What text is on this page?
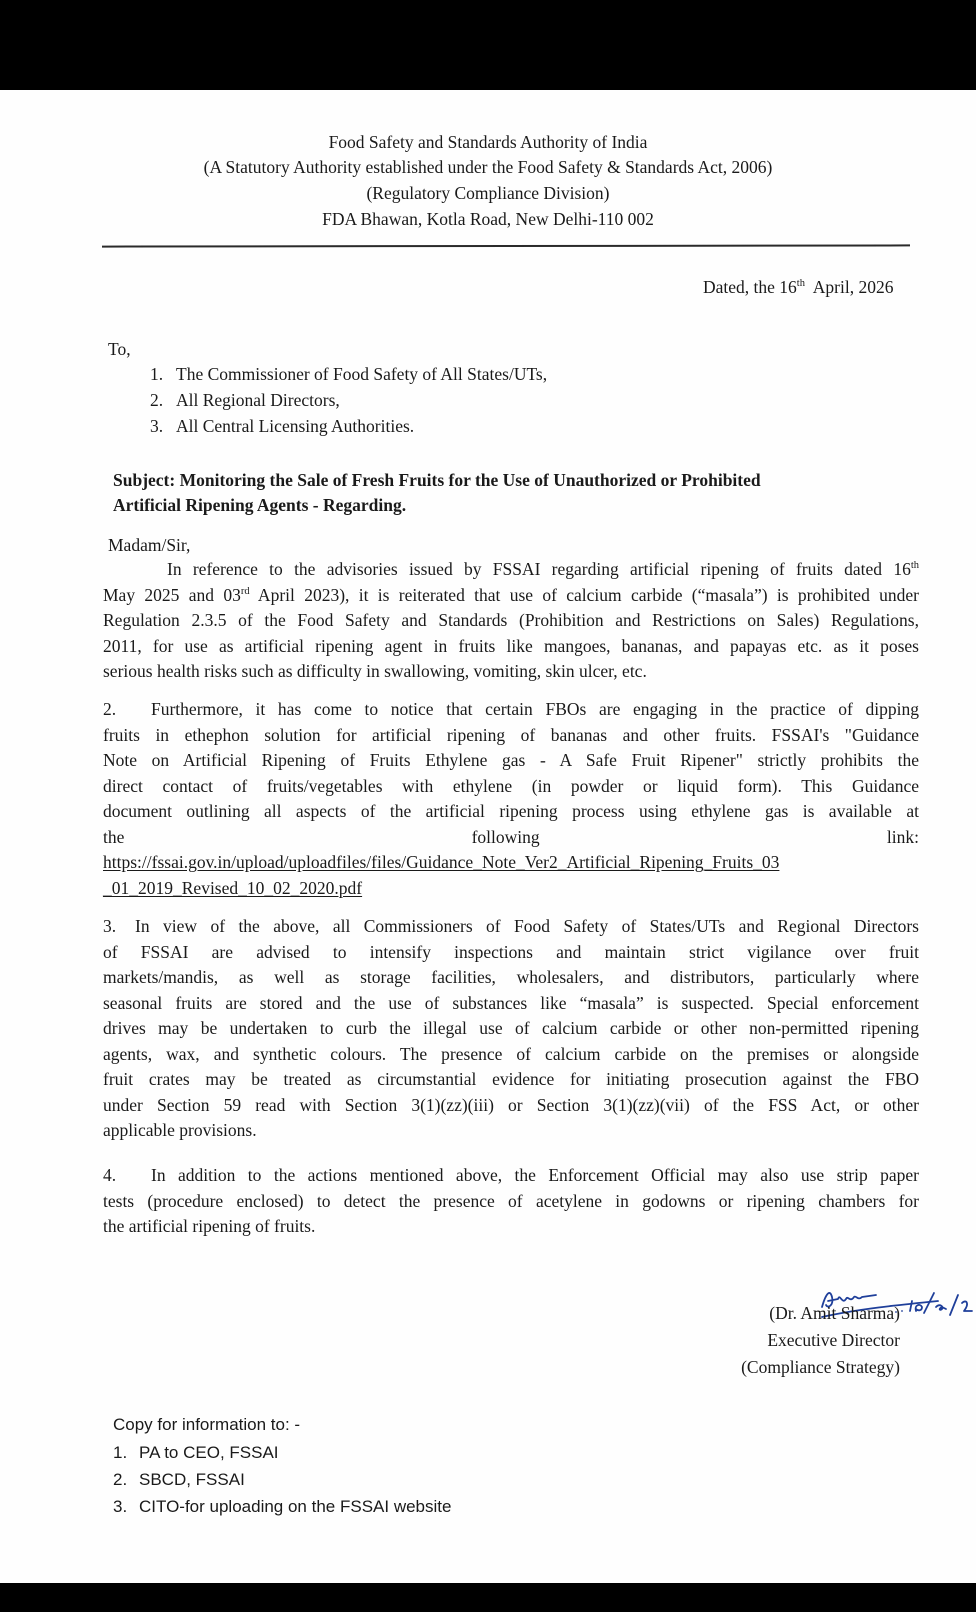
Food Safety and Standards Authority of India
(A Statutory Authority established under the Food Safety & Standards Act, 2006)
(Regulatory Compliance Division)
FDA Bhawan, Kotla Road, New Delhi-110 002
Dated, the 16th  April, 2026
To,
1. The Commissioner of Food Safety of All States/UTs,
2. All Regional Directors,
3. All Central Licensing Authorities.
Subject: Monitoring the Sale of Fresh Fruits for the Use of Unauthorized or Prohibited
Artificial Ripening Agents - Regarding.
Madam/Sir,
In reference to the advisories issued by FSSAI regarding artificial ripening of fruits dated 16th
May 2025 and 03rd April 2023), it is reiterated that use of calcium carbide (“masala”) is prohibited under
Regulation 2.3.5 of the Food Safety and Standards (Prohibition and Restrictions on Sales) Regulations,
2011, for use as artificial ripening agent in fruits like mangoes, bananas, and papayas etc. as it poses
serious health risks such as difficulty in swallowing, vomiting, skin ulcer, etc.
2. Furthermore, it has come to notice that certain FBOs are engaging in the practice of dipping
fruits in ethephon solution for artificial ripening of bananas and other fruits. FSSAI's "Guidance
Note on Artificial Ripening of Fruits Ethylene gas - A Safe Fruit Ripener" strictly prohibits the
direct contact of fruits/vegetables with ethylene (in powder or liquid form). This Guidance
document outlining all aspects of the artificial ripening process using ethylene gas is available at
the	following	link:
https://fssai.gov.in/upload/uploadfiles/files/Guidance_Note_Ver2_Artificial_Ripening_Fruits_03
_01_2019_Revised_10_02_2020.pdf
3. In view of the above, all Commissioners of Food Safety of States/UTs and Regional Directors
of FSSAI are advised to intensify inspections and maintain strict vigilance over fruit
markets/mandis, as well as storage facilities, wholesalers, and distributors, particularly where
seasonal fruits are stored and the use of substances like “masala” is suspected. Special enforcement
drives may be undertaken to curb the illegal use of calcium carbide or other non-permitted ripening
agents, wax, and synthetic colours. The presence of calcium carbide on the premises or alongside
fruit crates may be treated as circumstantial evidence for initiating prosecution against the FBO
under Section 59 read with Section 3(1)(zz)(iii) or Section 3(1)(zz)(vii) of the FSS Act, or other
applicable provisions.
4. In addition to the actions mentioned above, the Enforcement Official may also use strip paper
tests (procedure enclosed) to detect the presence of acetylene in godowns or ripening chambers for
the artificial ripening of fruits.
(Dr. Amit Sharma)
Executive Director
(Compliance Strategy)
Copy for information to: -
1. PA to CEO, FSSAI
2. SBCD, FSSAI
3. CITO-for uploading on the FSSAI website
